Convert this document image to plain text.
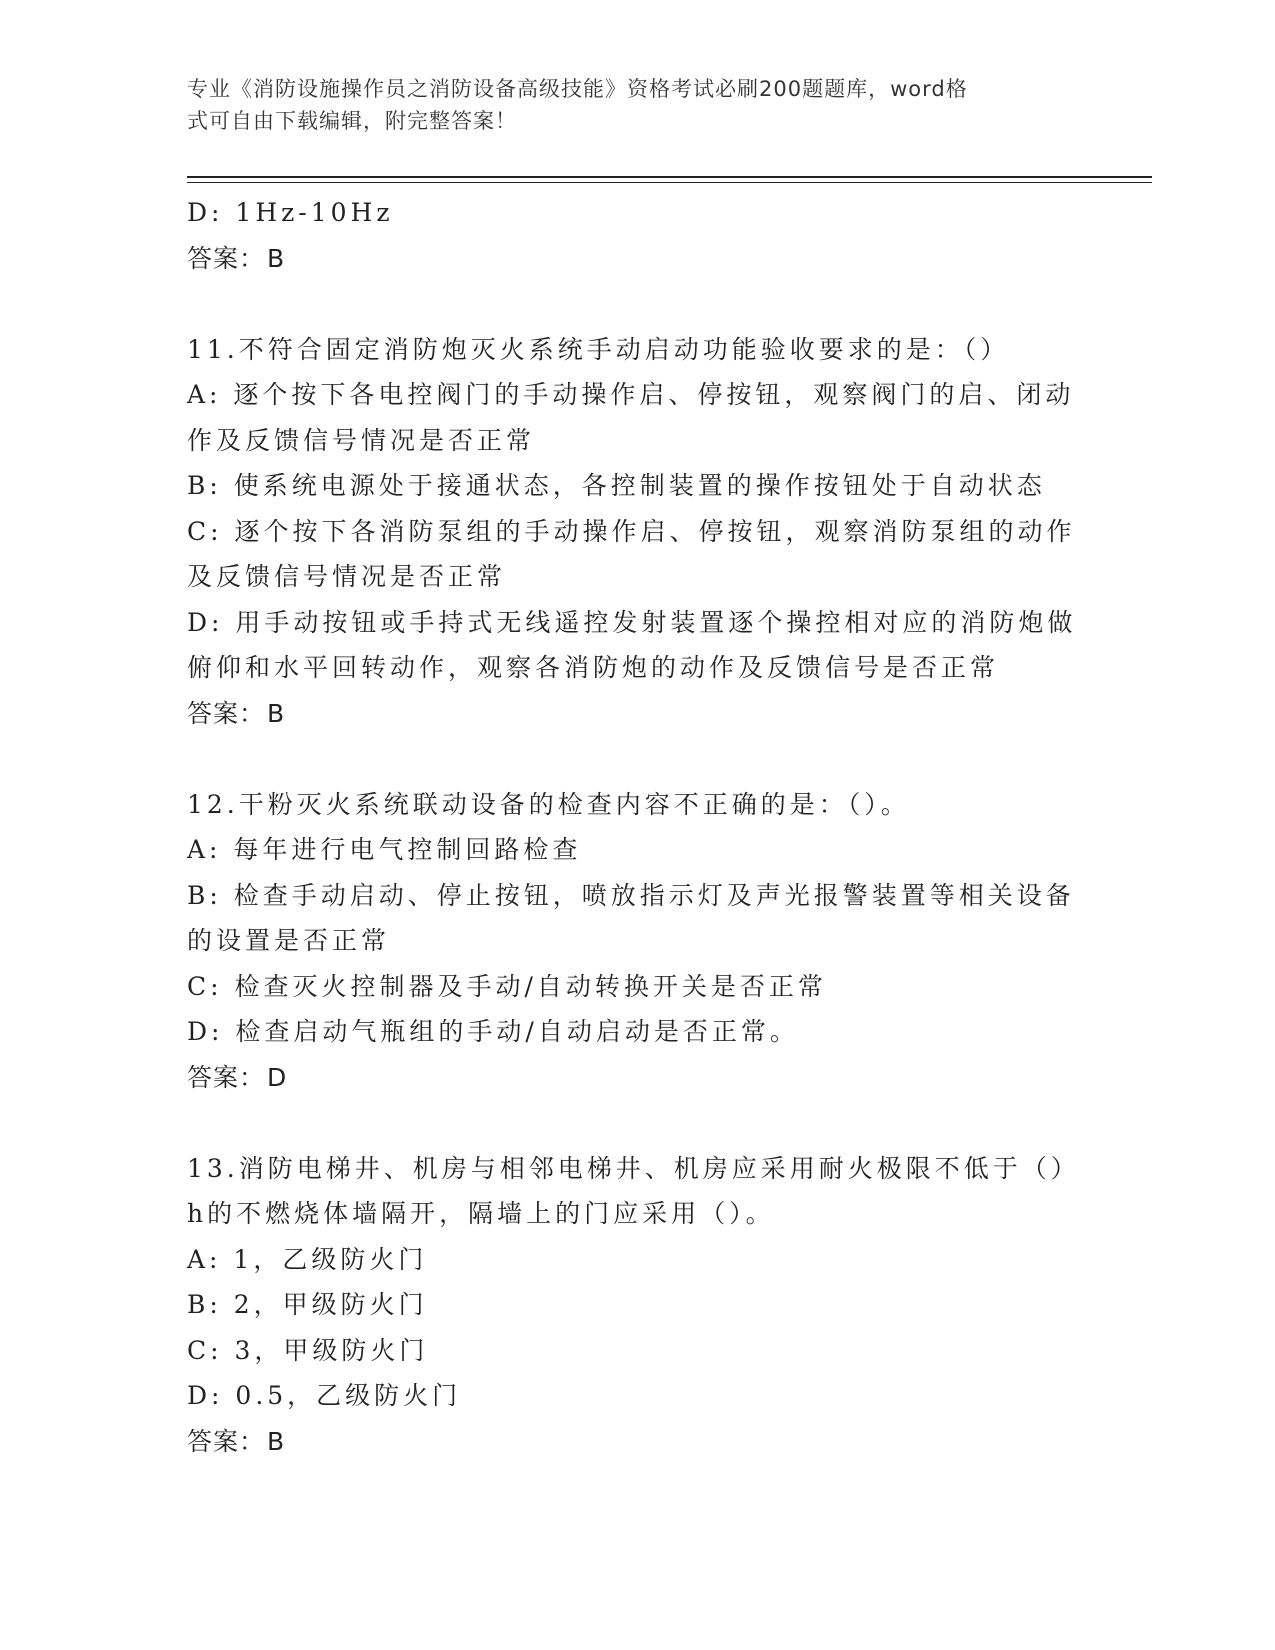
专业《消防设施操作员之消防设备高级技能》资格考试必刷200题题库，word格
式可自由下载编辑，附完整答案！

D: 1Hz-10Hz

答案：B

11.不符合固定消防炮灭火系统手动启动功能验收要求的是：（）

A: 逐个按下各电控阀门的手动操作启、停按钮，观察阀门的启、闭动

作及反馈信号情况是否正常

B: 使系统电源处于接通状态，各控制装置的操作按钮处于自动状态

C: 逐个按下各消防泵组的手动操作启、停按钮，观察消防泵组的动作

及反馈信号情况是否正常

D: 用手动按钮或手持式无线遥控发射装置逐个操控相对应的消防炮做

俯仰和水平回转动作，观察各消防炮的动作及反馈信号是否正常

答案：B

12.干粉灭火系统联动设备的检查内容不正确的是：（）。

A: 每年进行电气控制回路检查

B: 检查手动启动、停止按钮，喷放指示灯及声光报警装置等相关设备

的设置是否正常

C: 检查灭火控制器及手动/自动转换开关是否正常

D: 检查启动气瓶组的手动/自动启动是否正常。

答案：D

13.消防电梯井、机房与相邻电梯井、机房应采用耐火极限不低于（）

h的不燃烧体墙隔开，隔墙上的门应采用（）。

A: 1，乙级防火门

B: 2，甲级防火门

C: 3，甲级防火门

D: 0.5，乙级防火门

答案：B
